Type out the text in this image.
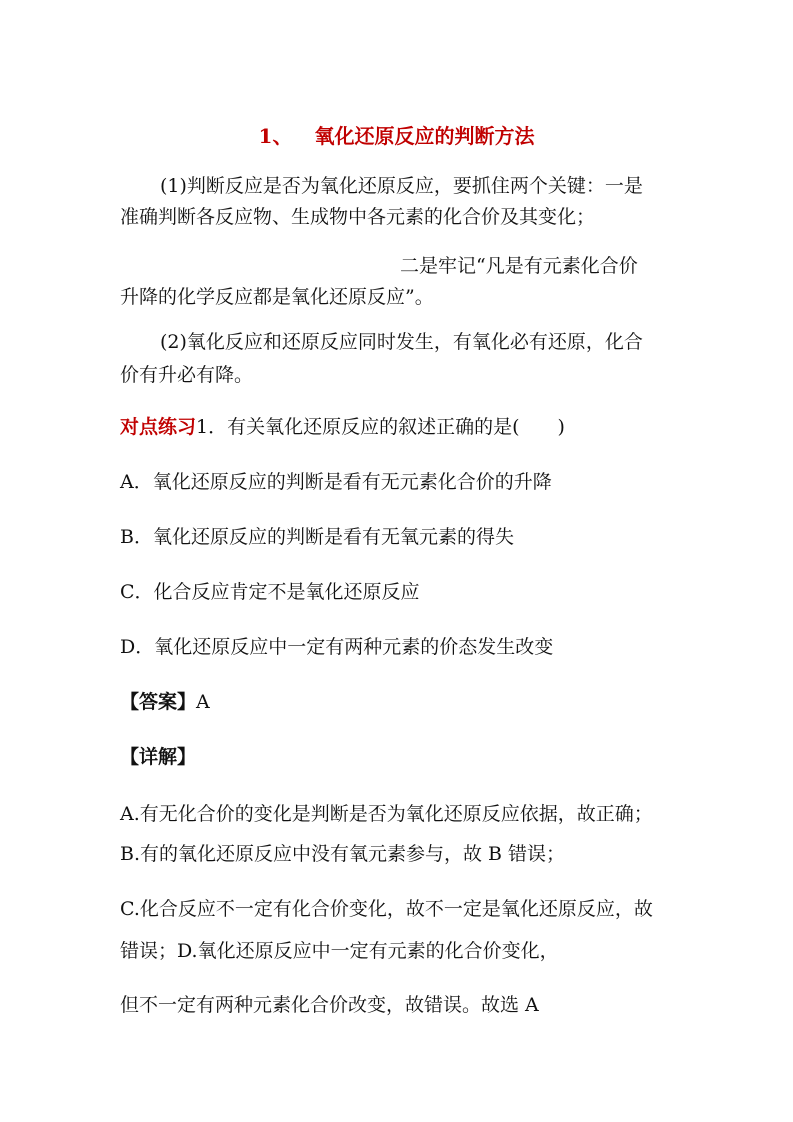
1、 氧化还原反应的判断方法
(1)判断反应是否为氧化还原反应，要抓住两个关键：一是
准确判断各反应物、生成物中各元素的化合价及其变化；
二是牢记“凡是有元素化合价
升降的化学反应都是氧化还原反应”。
(2)氧化反应和还原反应同时发生，有氧化必有还原，化合
价有升必有降。
对点练习1．有关氧化还原反应的叙述正确的是(　　)
A．氧化还原反应的判断是看有无元素化合价的升降
B．氧化还原反应的判断是看有无氧元素的得失
C．化合反应肯定不是氧化还原反应
D．氧化还原反应中一定有两种元素的价态发生改变
【答案】A
【详解】
A.有无化合价的变化是判断是否为氧化还原反应依据，故正确；
B.有的氧化还原反应中没有氧元素参与，故 B 错误；
C.化合反应不一定有化合价变化，故不一定是氧化还原反应，故
错误；D.氧化还原反应中一定有元素的化合价变化，
但不一定有两种元素化合价改变，故错误。故选 A
